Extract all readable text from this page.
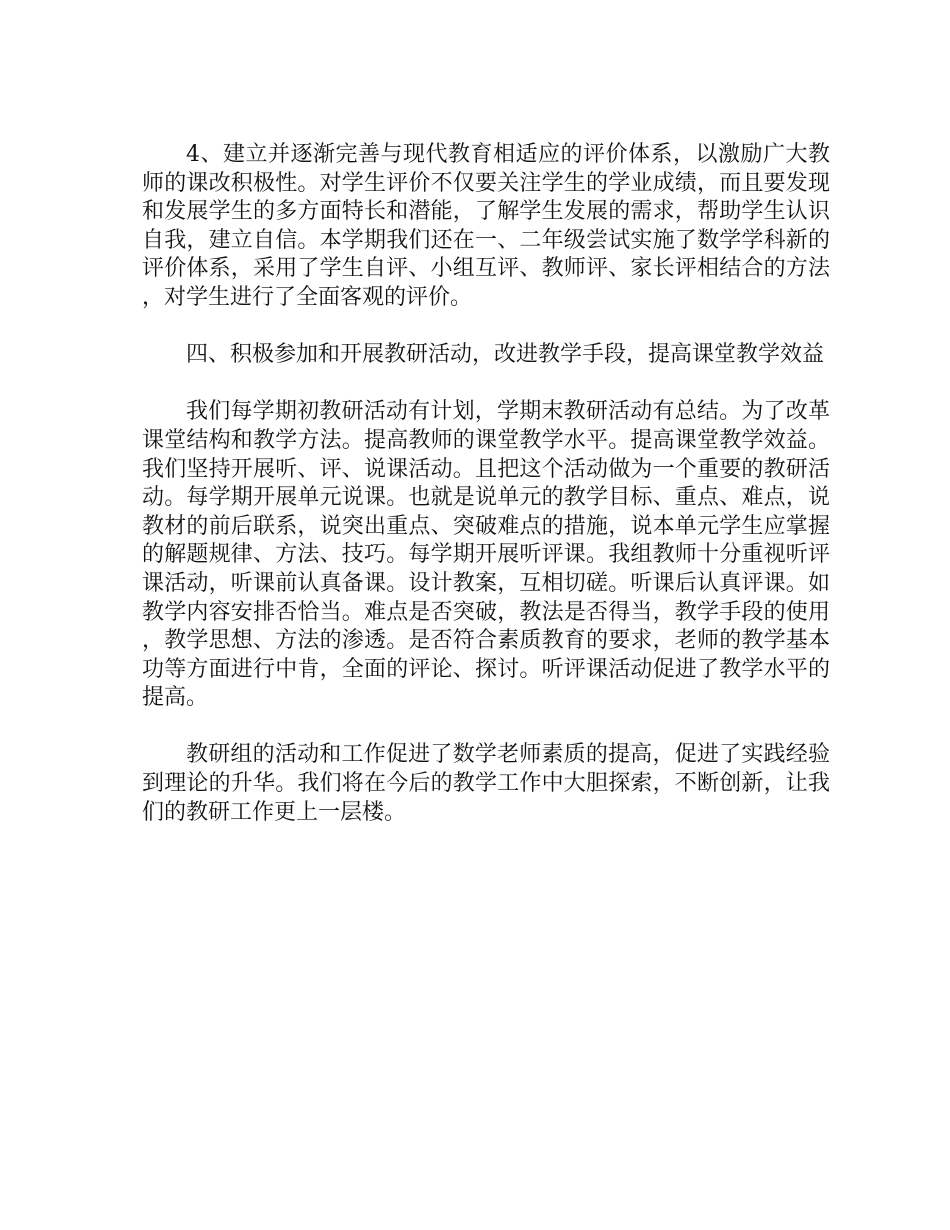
4、建立并逐渐完善与现代教育相适应的评价体系，以激励广大教师的课改积极性。对学生评价不仅要关注学生的学业成绩，而且要发现和发展学生的多方面特长和潜能，了解学生发展的需求，帮助学生认识自我，建立自信。本学期我们还在一、二年级尝试实施了数学学科新的评价体系，采用了学生自评、小组互评、教师评、家长评相结合的方法，对学生进行了全面客观的评价。

四、积极参加和开展教研活动，改进教学手段，提高课堂教学效益

我们每学期初教研活动有计划，学期末教研活动有总结。为了改革课堂结构和教学方法。提高教师的课堂教学水平。提高课堂教学效益。我们坚持开展听、评、说课活动。且把这个活动做为一个重要的教研活动。每学期开展单元说课。也就是说单元的教学目标、重点、难点，说教材的前后联系，说突出重点、突破难点的措施，说本单元学生应掌握的解题规律、方法、技巧。每学期开展听评课。我组教师十分重视听评课活动，听课前认真备课。设计教案，互相切磋。听课后认真评课。如教学内容安排否恰当。难点是否突破，教法是否得当，教学手段的使用，教学思想、方法的渗透。是否符合素质教育的要求，老师的教学基本功等方面进行中肯，全面的评论、探讨。听评课活动促进了教学水平的提高。

教研组的活动和工作促进了数学老师素质的提高，促进了实践经验到理论的升华。我们将在今后的教学工作中大胆探索，不断创新，让我们的教研工作更上一层楼。
